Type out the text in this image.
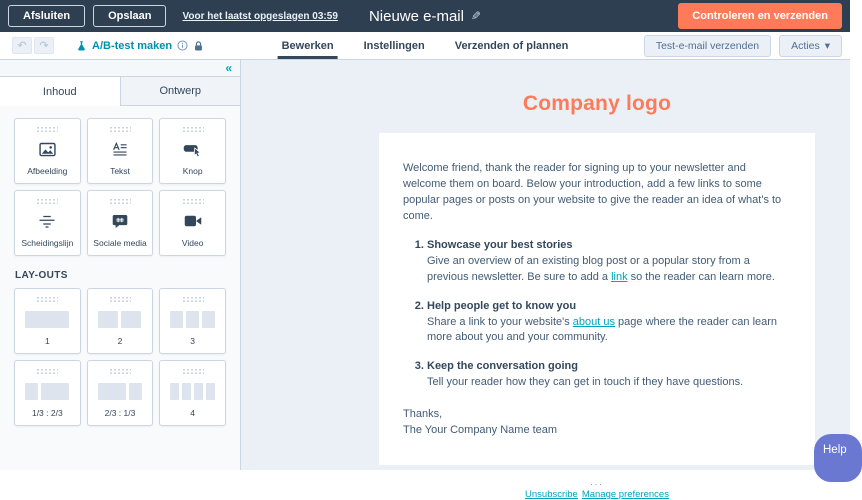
Afsluiten	Opslaan	Voor het laatst opgeslagen 03:59 Nieuwe e-mail ✎	Controleren en verzenden
↶	↷	A/B-test maken	Bewerken	Instellingen	Verzenden of plannen	Test-e-mail verzenden	Acties ▾
«
Inhoud	Ontwerp
Afbeelding	Tekst	Knop
Scheidingslijn Sociale media	Video
LAY-OUTS
1	2	3
1/3 : 2/3	2/3 : 1/3	4
Company logo

Welcome friend, thank the reader for signing up to your newsletter and welcome them on board. Below your introduction, add a few links to some popular pages or posts on your website to give the reader an idea of what's to come.

1. Showcase your best stories
Give an overview of an existing blog post or a popular story from a previous newsletter. Be sure to add a link so the reader can learn more.
2. Help people get to know you
Share a link to your website's about us page where the reader can learn more about you and your community.
3. Keep the conversation going
Tell your reader how they can get in touch if they have questions.
Thanks,
The Your Company Name team
...
Unsubscribe Manage preferences
Help
